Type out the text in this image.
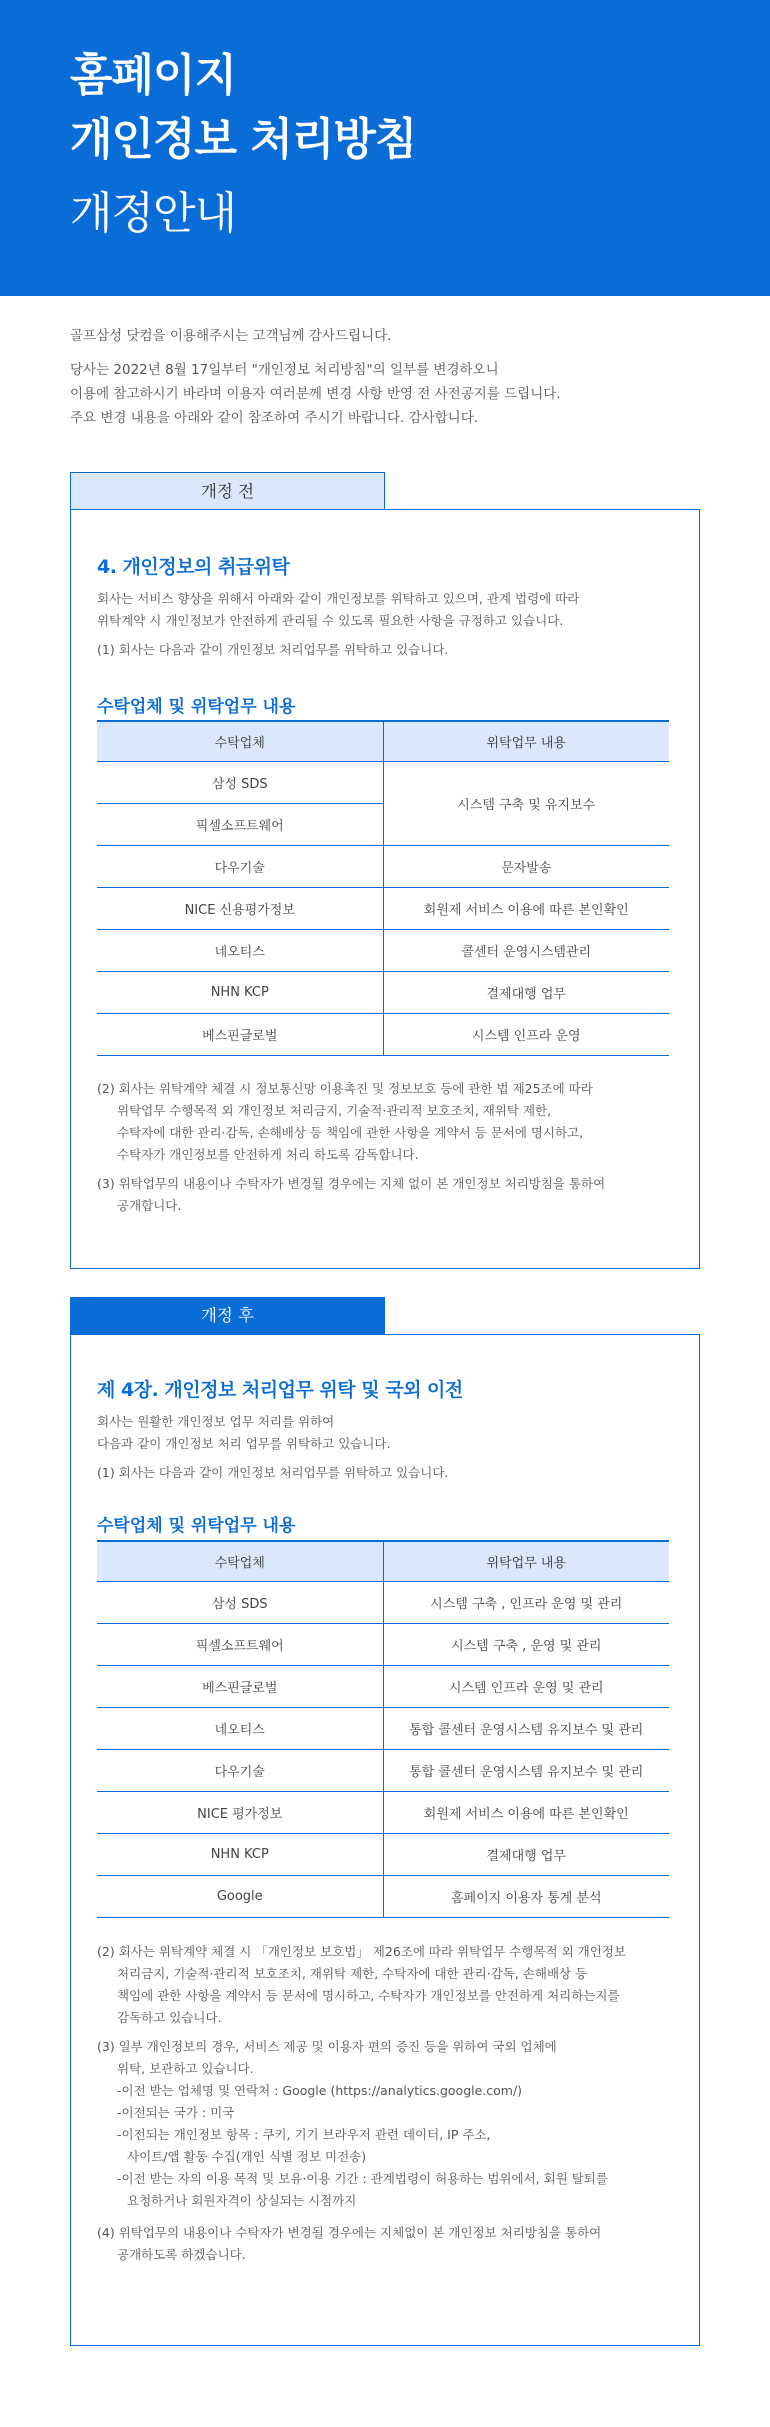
홈페이지
개인정보 처리방침
개정안내

골프삼성 닷컴을 이용해주시는 고객님께 감사드립니다.

당사는 2022년 8월 17일부터 "개인정보 처리방침"의 일부를 변경하오니

이용에 참고하시기 바라며 이용자 여러분께 변경 사항 반영 전 사전공지를 드립니다.

주요 변경 내용을 아래와 같이 참조하여 주시기 바랍니다. 감사합니다.

개정 전
4. 개인정보의 취급위탁

회사는 서비스 향상을 위해서 아래와 같이 개인정보를 위탁하고 있으며, 관계 법령에 따라

위탁계약 시 개인정보가 안전하게 관리될 수 있도록 필요한 사항을 규정하고 있습니다.

(1) 회사는 다음과 같이 개인정보 처리업무를 위탁하고 있습니다.

수탁업체 및 위탁업무 내용
수탁업체	위탁업무 내용
삼성 SDS	시스템 구축 및 유지보수
픽셀소프트웨어	
다우기술	문자발송
NICE 신용평가정보	회원제 서비스 이용에 따른 본인확인
네오티스	콜센터 운영시스템관리
NHN KCP	결제대행 업무
베스핀글로벌	시스템 인프라 운영

(2) 회사는 위탁계약 체결 시 정보통신망 이용촉진 및 정보보호 등에 관한 법 제25조에 따라

위탁업무 수행목적 외 개인정보 처리금지, 기술적·관리적 보호조치, 재위탁 제한,

수탁자에 대한 관리·감독, 손해배상 등 책임에 관한 사항을 계약서 등 문서에 명시하고,

수탁자가 개인정보를 안전하게 처리 하도록 감독합니다.

(3) 위탁업무의 내용이나 수탁자가 변경될 경우에는 지체 없이 본 개인정보 처리방침을 통하여

공개합니다.

개정 후
제 4장. 개인정보 처리업무 위탁 및 국외 이전

회사는 원활한 개인정보 업무 처리를 위하여

다음과 같이 개인정보 처리 업무를 위탁하고 있습니다.

(1) 회사는 다음과 같이 개인정보 처리업무를 위탁하고 있습니다.

수탁업체 및 위탁업무 내용
수탁업체	위탁업무 내용
삼성 SDS	시스템 구축 , 인프라 운영 및 관리
픽셀소프트웨어	시스템 구축 , 운영 및 관리
베스핀글로벌	시스템 인프라 운영 및 관리
네오티스	통합 콜센터 운영시스템 유지보수 및 관리
다우기술	통합 콜센터 운영시스템 유지보수 및 관리
NICE 평가정보	회원제 서비스 이용에 따른 본인확인
NHN KCP	결제대행 업무
Google	홈페이지 이용자 통계 분석

(2) 회사는 위탁계약 체결 시 「개인정보 보호법」 제26조에 따라 위탁업무 수행목적 외 개인정보

처리금지, 기술적·관리적 보호조치, 재위탁 제한, 수탁자에 대한 관리·감독, 손해배상 등

책임에 관한 사항을 계약서 등 문서에 명시하고, 수탁자가 개인정보를 안전하게 처리하는지를

감독하고 있습니다.

(3) 일부 개인정보의 경우, 서비스 제공 및 이용자 편의 증진 등을 위하여 국외 업체에

위탁, 보관하고 있습니다.

-이전 받는 업체명 및 연락처 : Google (https://analytics.google.com/)

-이전되는 국가 : 미국

-이전되는 개인정보 항목 : 쿠키, 기기 브라우저 관련 데이터, IP 주소,

사이트/앱 활동 수집(개인 식별 정보 미전송)

-이전 받는 자의 이용 목적 및 보유·이용 기간 : 관계법령이 허용하는 범위에서, 회원 탈퇴를

요청하거나 회원자격이 상실되는 시점까지

(4) 위탁업무의 내용이나 수탁자가 변경될 경우에는 지체없이 본 개인정보 처리방침을 통하여

공개하도록 하겠습니다.
